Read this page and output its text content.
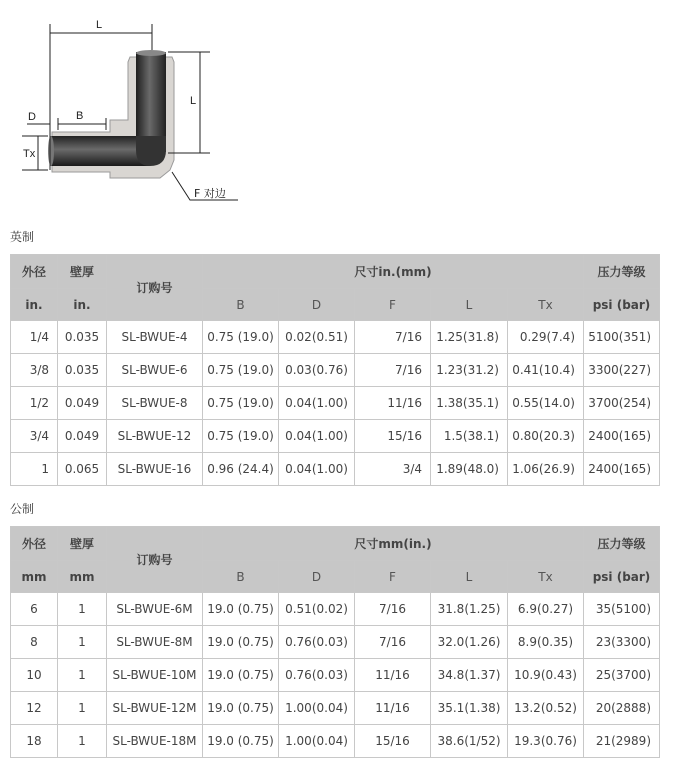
L
L
D	B
Tx
F 对边
英制
外径	壁厚	订购号	尺寸in.(mm)					压力等级
in.	in.		B	D	F	L	Tx	psi (bar)
1/4	0.035	SL-BWUE-4	0.75 (19.0)	0.02(0.51)	7/16	1.25(31.8)	0.29(7.4)	5100(351)
3/8	0.035	SL-BWUE-6	0.75 (19.0)	0.03(0.76)	7/16	1.23(31.2)	0.41(10.4)	3300(227)
1/2	0.049	SL-BWUE-8	0.75 (19.0)	0.04(1.00)	11/16	1.38(35.1)	0.55(14.0)	3700(254)
3/4	0.049	SL-BWUE-12	0.75 (19.0)	0.04(1.00)	15/16	1.5(38.1)	0.80(20.3)	2400(165)
1	0.065	SL-BWUE-16	0.96 (24.4)	0.04(1.00)	3/4	1.89(48.0)	1.06(26.9)	2400(165)
公制
外径	壁厚	订购号	尺寸mm(in.)					压力等级
mm	mm		B	D	F	L	Tx	psi (bar)
6	1	SL-BWUE-6M	19.0 (0.75)	0.51(0.02)	7/16	31.8(1.25)	6.9(0.27)	35(5100)
8	1	SL-BWUE-8M	19.0 (0.75)	0.76(0.03)	7/16	32.0(1.26)	8.9(0.35)	23(3300)
10	1	SL-BWUE-10M	19.0 (0.75)	0.76(0.03)	11/16	34.8(1.37)	10.9(0.43)	25(3700)
12	1	SL-BWUE-12M	19.0 (0.75)	1.00(0.04)	11/16	35.1(1.38)	13.2(0.52)	20(2888)
18	1	SL-BWUE-18M	19.0 (0.75)	1.00(0.04)	15/16	38.6(1/52)	19.3(0.76)	21(2989)
